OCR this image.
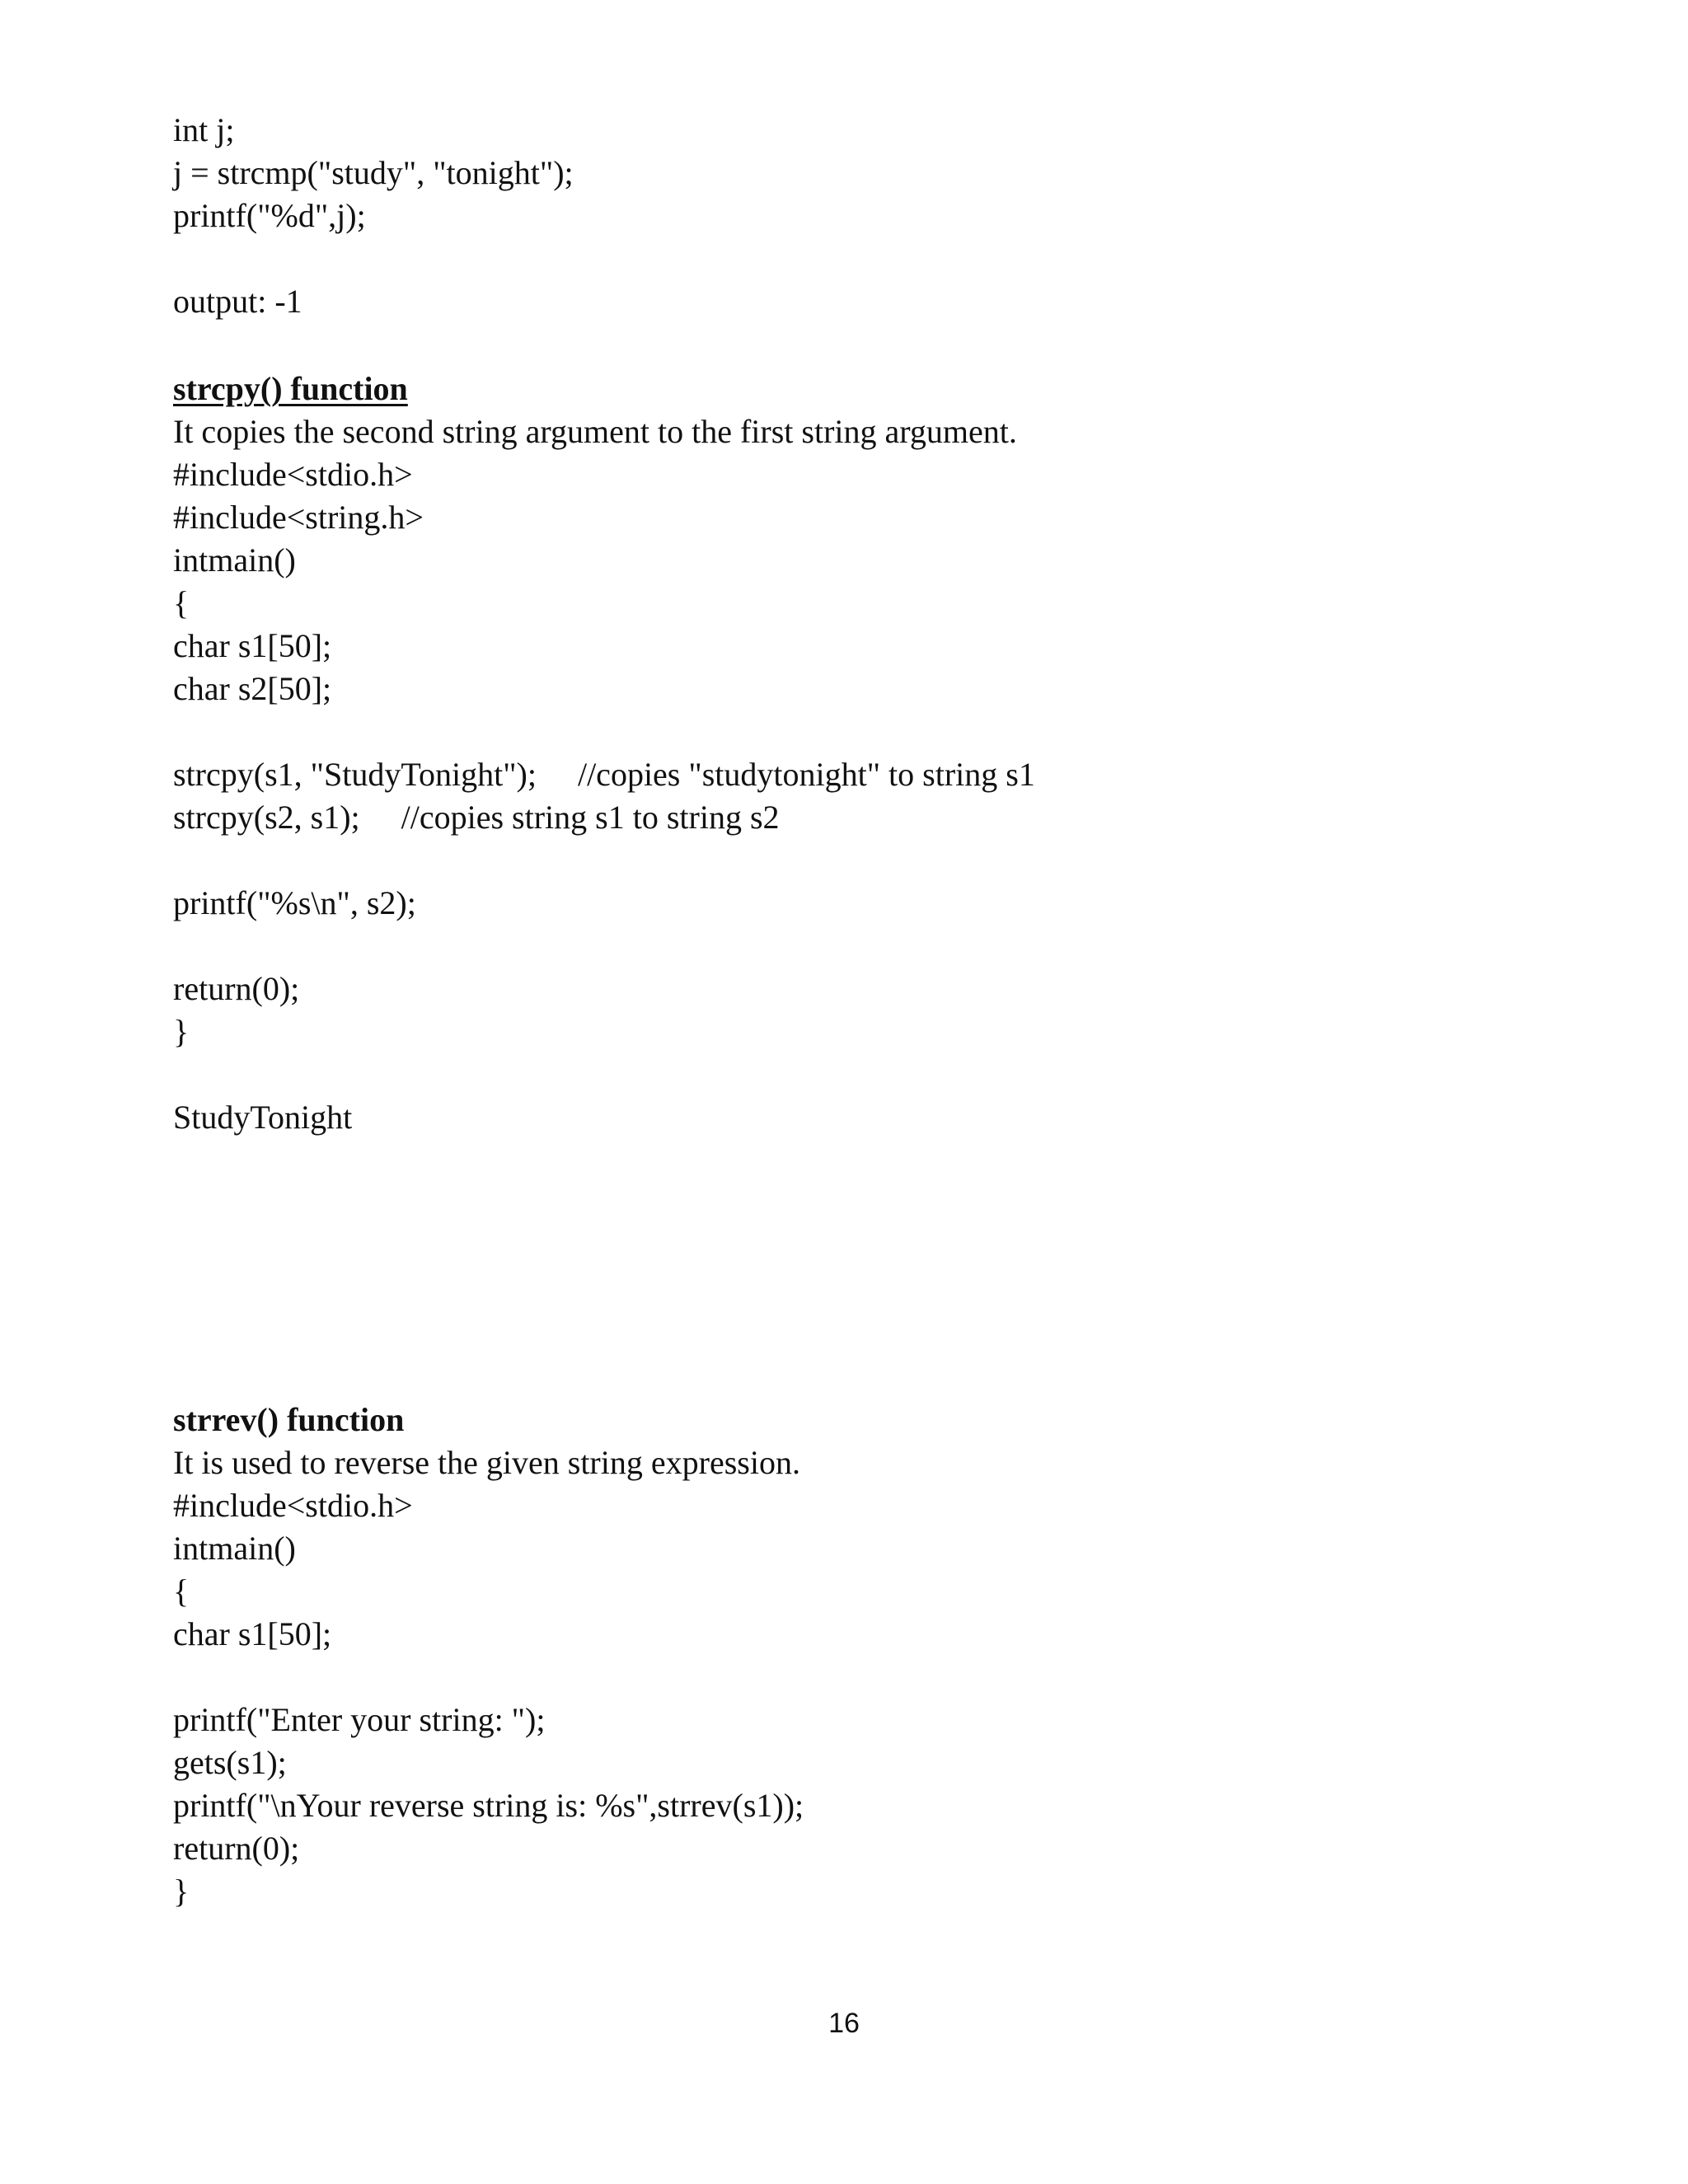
int j;
j = strcmp("study", "tonight");
printf("%d",j);
output: -1
strcpy() function
It copies the second string argument to the first string argument.
#include<stdio.h>
#include<string.h>
intmain()
{
char s1[50];
char s2[50];
strcpy(s1, "StudyTonight");     //copies "studytonight" to string s1
strcpy(s2, s1);     //copies string s1 to string s2
printf("%s\n", s2);
return(0);
}
StudyTonight
strrev() function
It is used to reverse the given string expression.
#include<stdio.h>
intmain()
{
char s1[50];
printf("Enter your string: ");
gets(s1);
printf("\nYour reverse string is: %s",strrev(s1));
return(0);
}
16
